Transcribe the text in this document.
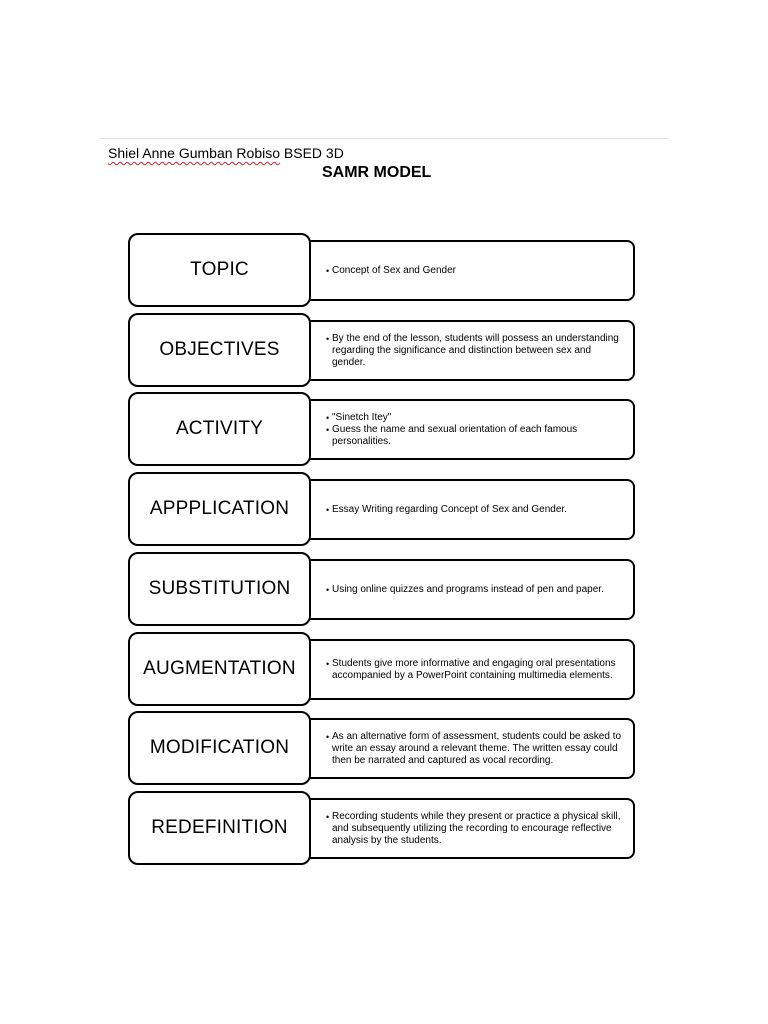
Shiel Anne Gumban Robiso BSED 3D
SAMR MODEL
TOPIC	• Concept of Sex and Gender
OBJECTIVES
• By the end of the lesson, students will possess an understanding regarding the significance and distinction between sex and gender.
ACTIVITY
• "Sinetch Itey"
• Guess the name and sexual orientation of each famous personalities.
APPPLICATION	• Essay Writing regarding Concept of Sex and Gender.
SUBSTITUTION	• Using online quizzes and programs instead of pen and paper.
AUGMENTATION	• Students give more informative and engaging oral presentations accompanied by a PowerPoint containing multimedia elements.
MODIFICATION
• As an alternative form of assessment, students could be asked to write an essay around a relevant theme. The written essay could then be narrated and captured as vocal recording.
REDEFINITION
• Recording students while they present or practice a physical skill, and subsequently utilizing the recording to encourage reflective analysis by the students.
